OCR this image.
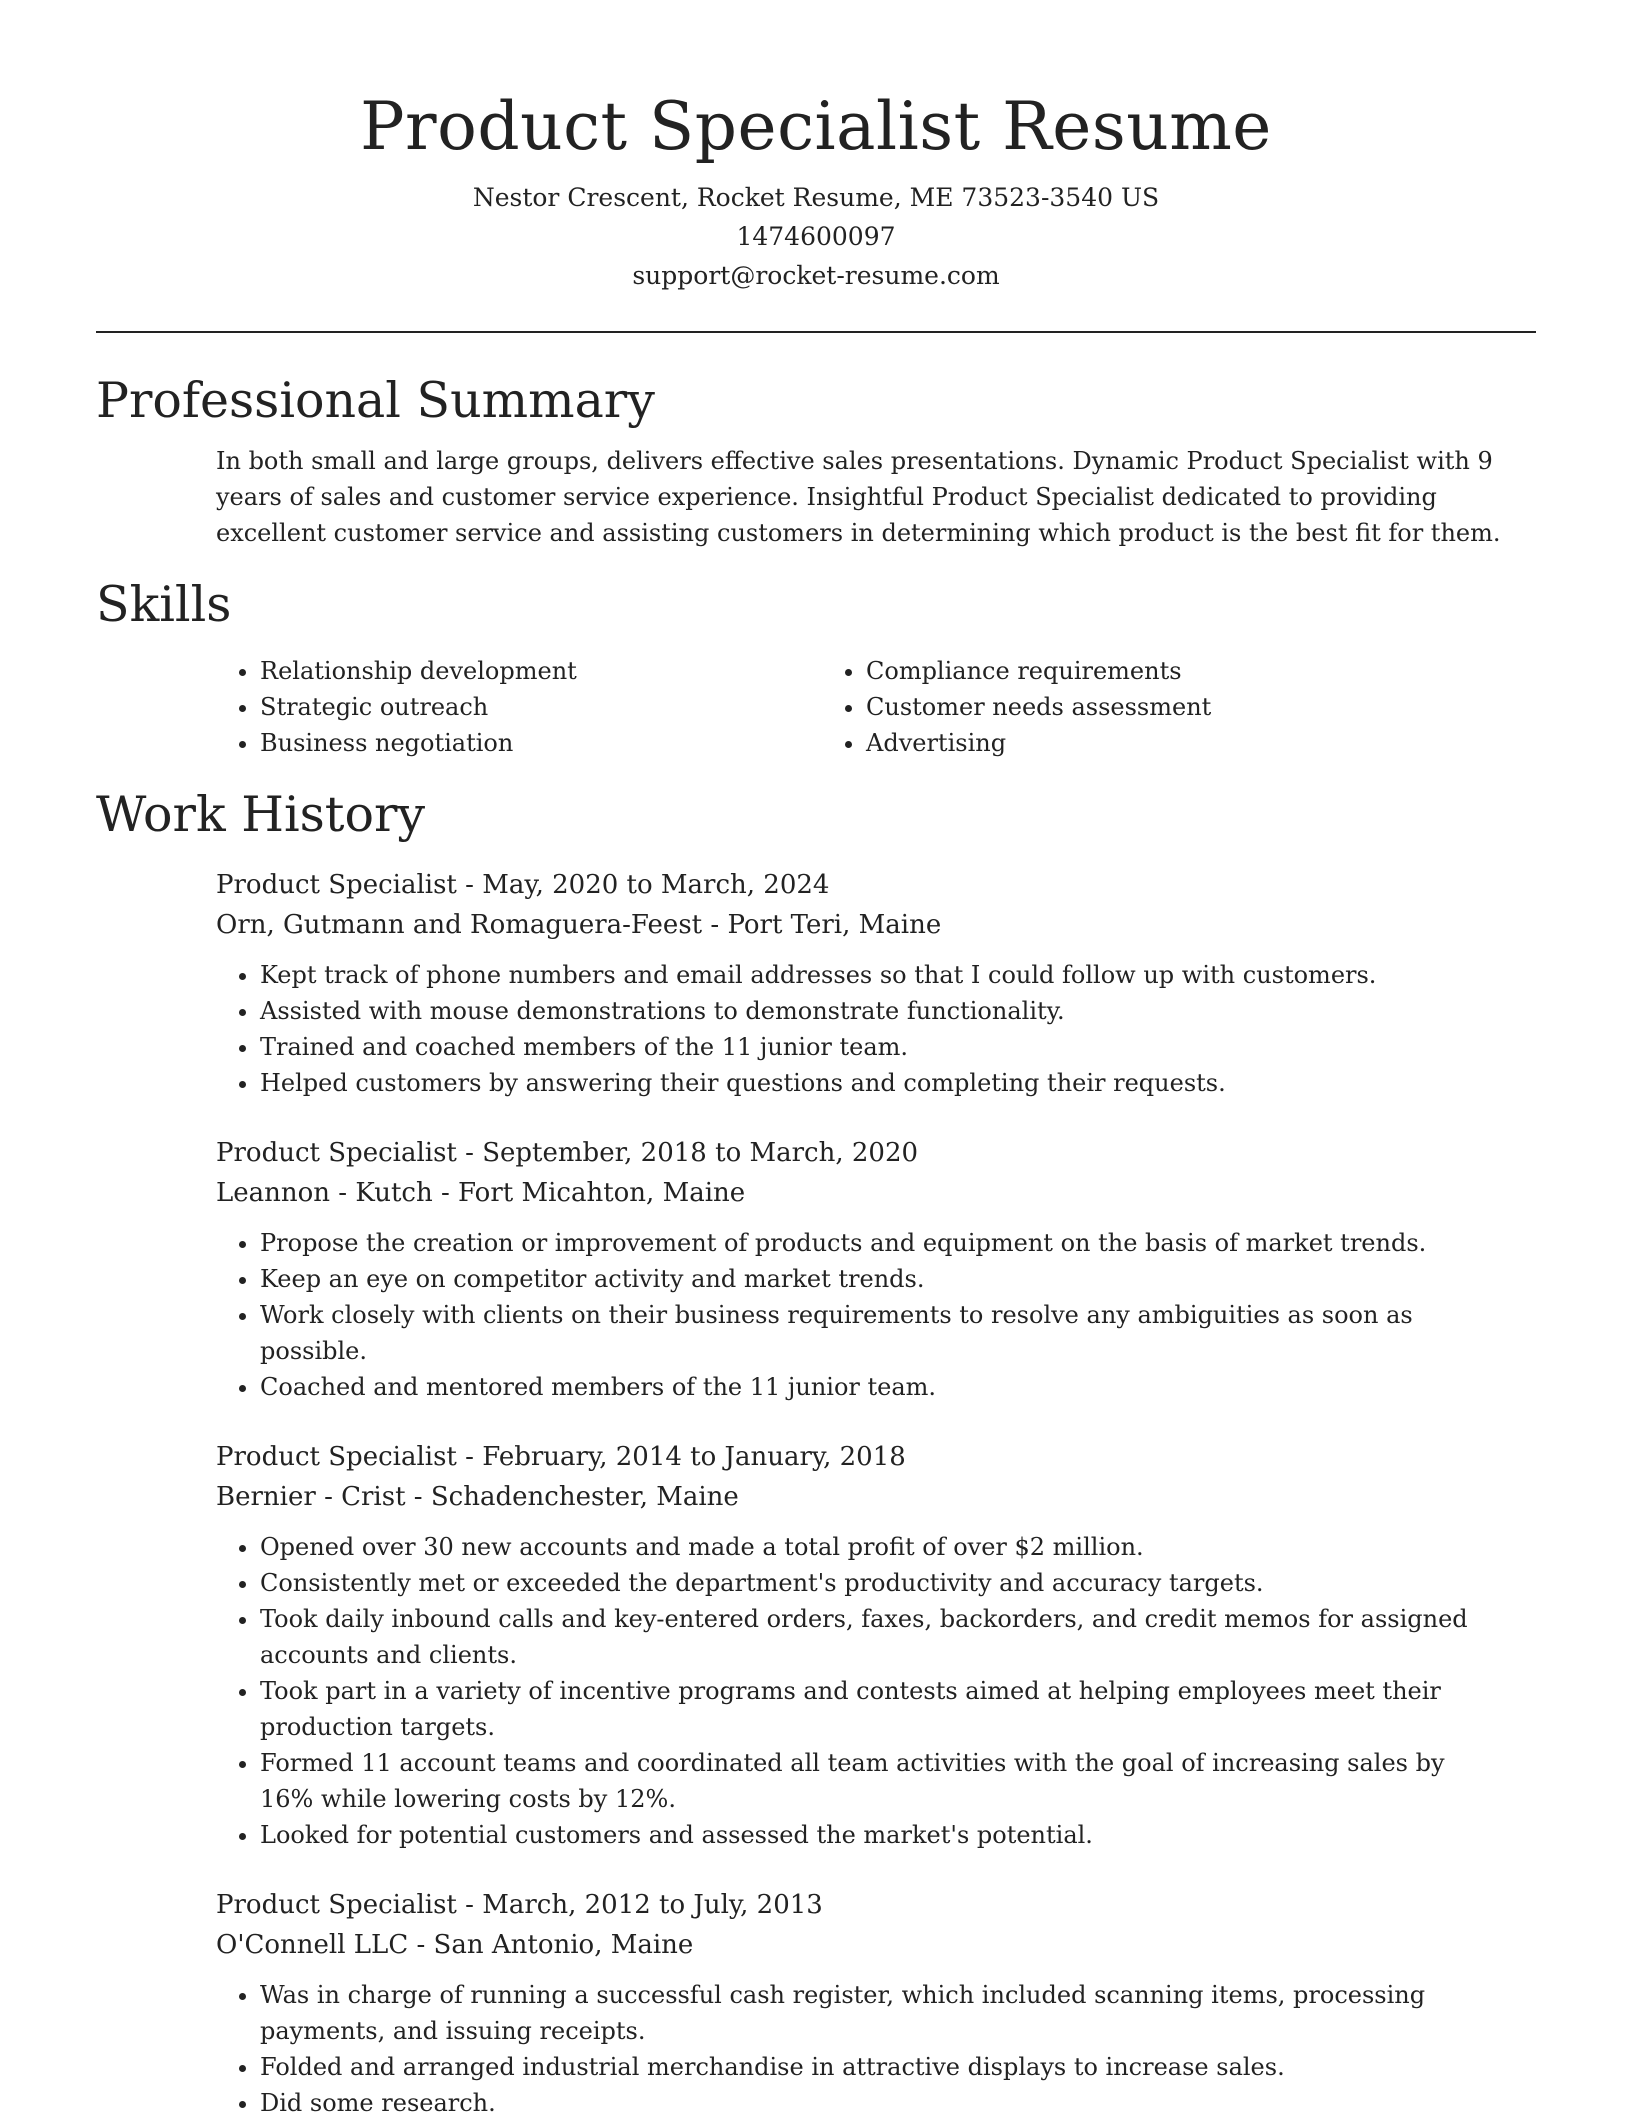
Product Specialist Resume
Nestor Crescent, Rocket Resume, ME 73523-3540 US
1474600097
support@rocket-resume.com
Professional Summary

In both small and large groups, delivers effective sales presentations. Dynamic Product Specialist with 9 years of sales and customer service experience. Insightful Product Specialist dedicated to providing excellent customer service and assisting customers in determining which product is the best fit for them.

Skills
• Relationship development
• Strategic outreach
• Business negotiation
• Compliance requirements
• Customer needs assessment
• Advertising
Work History
Product Specialist - May, 2020 to March, 2024
Orn, Gutmann and Romaguera-Feest - Port Teri, Maine
• Kept track of phone numbers and email addresses so that I could follow up with customers.
• Assisted with mouse demonstrations to demonstrate functionality.
• Trained and coached members of the 11 junior team.
• Helped customers by answering their questions and completing their requests.
Product Specialist - September, 2018 to March, 2020
Leannon - Kutch - Fort Micahton, Maine
• Propose the creation or improvement of products and equipment on the basis of market trends.
• Keep an eye on competitor activity and market trends.
• Work closely with clients on their business requirements to resolve any ambiguities as soon as possible.
• Coached and mentored members of the 11 junior team.
Product Specialist - February, 2014 to January, 2018
Bernier - Crist - Schadenchester, Maine
• Opened over 30 new accounts and made a total profit of over $2 million.
• Consistently met or exceeded the department's productivity and accuracy targets.
• Took daily inbound calls and key-entered orders, faxes, backorders, and credit memos for assigned accounts and clients.
• Took part in a variety of incentive programs and contests aimed at helping employees meet their production targets.
• Formed 11 account teams and coordinated all team activities with the goal of increasing sales by 16% while lowering costs by 12%.
• Looked for potential customers and assessed the market's potential.
Product Specialist - March, 2012 to July, 2013
O'Connell LLC - San Antonio, Maine
• Was in charge of running a successful cash register, which included scanning items, processing payments, and issuing receipts.
• Folded and arranged industrial merchandise in attractive displays to increase sales.
• Did some research.
